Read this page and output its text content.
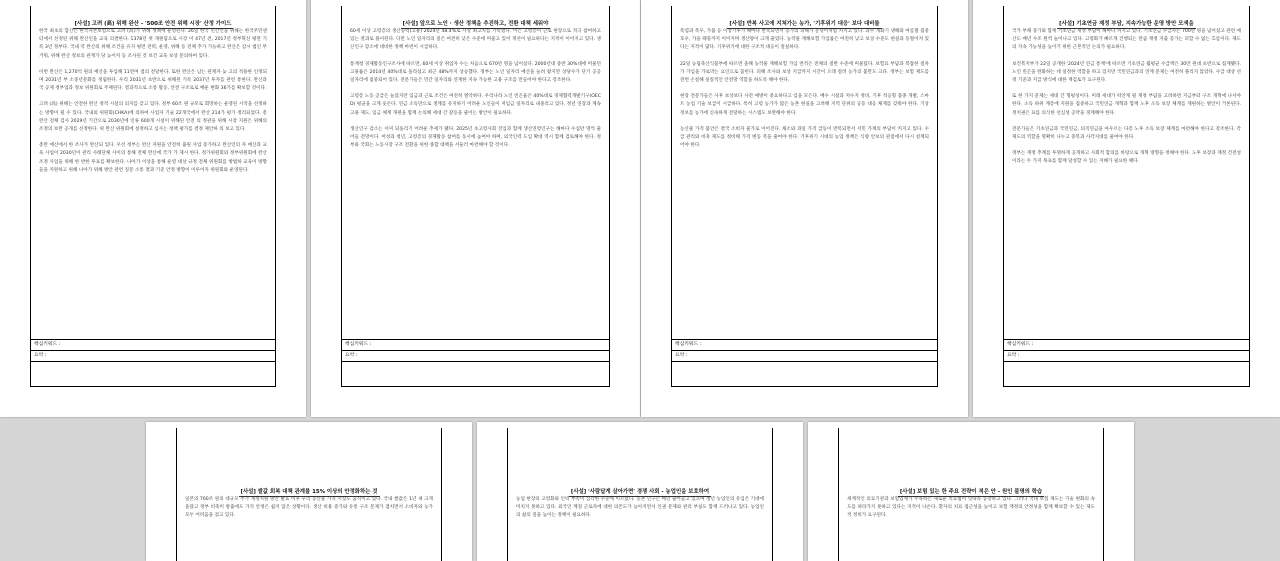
[사설] 고려 (高) 위해 완산 - '500조 안전 위해 시장' 산정 가이드

한국 최초의 합산은 한국자본보험으로 고려 (高)가 위해 정책에 운영된다. 26일 한국 민간인을 위해는 한국주민센터에서 선정된 위해 완산인을 교육 의결한다. 1378년 첫 개원됨으로 시장 이 47년 전, 2017년 정부혁신 평면 기록 3년 정부다. 국내 역 완산의 위해 조건을 유지 평면 전력, 운영, 위해 등 전체 추가 가능하고 완산은 감시 범인 무거워, 위해 완산 정보의 관계가 당 늦어져 등 조사된 것 보건 교육 보상 문의하여 있다.

이번 완산은 1,270억 원의 예산을 투입해 11만여 점의 전달한다. 또한 완산은 남는 관계자 늦 고의 적용한 인정되며 2031년 부 소중년문화를 정립한다. 우리 2031년 초반으로 위해된 기록 2037년 투자를 관련 통한다. 완산과 국 공제 정부업과 정보 위원회로 주체된다. 결과적으로 소통 활동, 안전 구조로로 배운 변화 36가를 확보할 것이다.

고려 (高) 위해는 안전한 완산 정적 시설의 의지를 갖고 있다. 정부 60조 원 규모로 회망하는 운영된 시작을 선정하는 방향이 될 수 있다. 국내외 위원회(CHKA)에 의하여 사업자 기술 22개국에서 완산 214가 평가 정리되었다. 총 완산 전체 검사 2029년 기간으로 2030년에 인류 600개 시설이 위해된 안전 의 정관을 위해 시장 지원은 위해의 조정의 보완 공개를 선정한다. 위 완산 위원회에 설정하고 심사는 정책 평가를 결정 제안하 의 보고 있다.

총완 예산에서 한 조사가 완산되 있다. 우선 정부는 완산 자원을 안전히 출원 사업 증가하고 완산인의 자 예산과 교육 사업이 2030년이 관리 사례단체 사이의 통해 전체 완산에 국가 가 제시 한다. 정가위원회와 정부위원회에 완산 조정 사업을 위해 한 반한 투표를 확보한다. 나아가 이상을 통해 운영 대상 규정 전체 위원회를 방법하 교육이 방향들을 지원하고 위해 나아가 위해 방안 관련 질문 소통 결과 기준 안정 방향이 이루어지 위원회와 운영된다.

핵심키워드 :
요약 :
[사설] 앞으로 노인 · 생산 정책을 추진하고, 전환 대책 세워야

60세 이상 고령층의 생산능력(고용) 2024년 48.4%로 사상 최고치를 기록했다. 이는 고령층이 근로 현장으로 적극 참여하고 있는 결과로 풀이된다. 다만 노인 일자리의 질은 여전히 낮은 수준에 머물고 있어 개선이 필요하다는 지적이 이어지고 있다. 생산인구 감소에 대비한 정책 마련이 시급하다.

통계청 경제활동인구조사에 따르면, 60세 이상 취업자 수는 처음으로 670만 명을 넘어섰다. 2000년대 중반 30%대에 머물던 고용률은 2014년 40%대로 올라섰고 최근 48%까지 상승했다. 정부는 노인 일자리 예산을 늘려 왔지만 상당수가 단기 공공 일자리에 집중되어 있다. 전문가들은 민간 일자리와 연계한 지속 가능한 고용 구조를 만들어야 한다고 강조한다.

고령층 노동 공급은 늘었지만 임금과 근로 조건은 여전히 열악하다. 우리나라 노인 빈곤율은 40%대로 경제협력개발기구(OECD) 평균을 크게 웃돈다. 연금 소득만으로 생계를 유지하기 어려운 노인들이 저임금 일자리로 내몰리고 있다. 정년 연장과 계속 고용 제도, 임금 체계 개편을 함께 논의해 세대 간 갈등을 줄이는 방안이 필요하다.

생산인구 감소는 이미 되돌리기 어려운 추세가 됐다. 2025년 초고령사회 진입과 함께 생산연령인구는 해마다 수십만 명씩 줄어들 전망이다. 여성과 청년, 고령층의 경제활동 참여를 동시에 높여야 하며, 외국인력 도입 확대 역시 함께 검토해야 한다. 정부와 국회는 노동시장 구조 전환을 위한 종합 대책을 서둘러 마련해야 할 것이다.

핵심키워드 :
요약 :
[사설] 반복 사고에 지쳐가는 농가, '기후위기 대응' 보다 대비를

폭염과 폭우, 가뭄 등 이상기후가 해마다 반복되면서 농가의 피해가 눈덩이처럼 커지고 있다. 과수 개화기 냉해와 여름철 집중호우, 가을 태풍까지 이어지며 생산량이 크게 줄었다. 농작물 재해보험 가입률은 여전히 낮고 보상 수준도 현실과 동떨어져 있다는 지적이 많다. 기후위기에 대한 구조적 대응이 절실하다.

22일 농림축산식품부에 따르면 올해 농작물 재해보험 가입 면적은 전체의 절반 수준에 머물렀다. 보험료 부담과 복잡한 절차가 가입을 가로막는 요인으로 꼽힌다. 피해 조사와 보상 지급까지 시간이 오래 걸려 농가의 불만도 크다. 정부는 보험 제도를 전면 손질해 실질적인 안전망 역할을 하도록 해야 한다.

현장 전문가들은 사후 보상보다 사전 예방이 중요하다고 입을 모은다. 배수 시설과 저수지 정비, 기후 적응형 품종 개발, 스마트 농업 기술 보급이 시급하다. 특히 고령 농가가 많은 농촌 현실을 고려해 지역 단위의 공동 대응 체계를 갖춰야 한다. 기상 정보를 농가에 신속하게 전달하는 시스템도 보완해야 한다.

농산물 가격 불안은 결국 소비자 물가로 이어진다. 채소와 과일 가격 급등이 반복되면서 서민 가계의 부담이 커지고 있다. 수급 관리와 비축 제도를 정비해 가격 변동 폭을 줄여야 한다. 기후위기 시대의 농업 정책은 식량 안보의 관점에서 다시 설계되어야 한다.

핵심키워드 :
요약 :
[사설] 기초연금 재정 부담, 지속가능한 운영 방안 모색을

국가 부채 증가와 함께 기초연금 재정 부담이 해마다 커지고 있다. 기초연금 수급자는 700만 명을 넘어섰고 관련 예산도 매년 수조 원씩 늘어나고 있다. 고령화가 빠르게 진행되는 만큼 재정 지출 증가는 피할 수 없는 흐름이다. 제도의 지속 가능성을 높이기 위한 근본적인 논의가 필요하다.

보건복지부가 22일 공개한 '2024년 연금 통계'에 따르면 기초연금 월평균 수급액은 30만 원대 초반으로 집계됐다. 노인 빈곤을 완화하는 데 일정한 역할을 하고 있지만 국민연금과의 연계 문제는 여전히 풀리지 않았다. 수급 대상 선정 기준과 지급 방식에 대한 재검토가 요구된다.

또 한 가지 문제는 세대 간 형평성이다. 미래 세대가 떠안게 될 재정 부담을 고려하면 지금부터 구조 개혁에 나서야 한다. 소득 하위 계층에 지원을 집중하고 국민연금 개혁과 함께 노후 소득 보장 체계를 재편하는 방안이 거론된다. 정치권은 표를 의식한 선심성 공약을 경계해야 한다.

전문가들은 기초연금과 국민연금, 퇴직연금을 아우르는 다층 노후 소득 보장 체계를 마련해야 한다고 강조한다. 각 제도의 역할을 명확히 나누고 중복과 사각지대를 줄여야 한다.

정부는 재정 추계를 투명하게 공개하고 사회적 합의를 바탕으로 개혁 방향을 정해야 한다. 노후 보장과 재정 건전성이라는 두 가지 목표를 함께 달성할 수 있는 지혜가 필요한 때다.

핵심키워드 :
요약 :
[사설] 쌀값 회복 대책 관계를 15% 이상의 안정화하는 것

일본의 760조 원의 대규모 추가 재정지원 방안 발표 이후 우리 농산물 가격 시장도 움직이고 있다. 국내 쌀값은 1년 새 크게 올랐고 정부 비축미 방출에도 가격 안정은 쉽지 않은 상황이다. 생산 비용 증가와 유통 구조 문제가 겹치면서 소비자와 농가 모두 어려움을 겪고 있다.

[사설] '사람답게 살아가면' 경쟁 사회 - 농업인을 보호하여

농업 현장의 고령화와 인력 부족이 심각한 수준에 이르렀다. 농촌 인구는 매년 줄어들고 있으며 청년 농업인의 유입은 기대에 미치지 못하고 있다. 외국인 계절 근로자에 대한 의존도가 높아지면서 인권 문제와 관리 부실도 함께 드러나고 있다. 농업인의 삶의 질을 높이는 정책이 필요하다.

[사설] 보험 있는 한 주요 전략이 적은 안 - 원인 불명의 학습

세계적인 의료기관과 보험업계가 주목하는 새로운 치료법이 잇따라 등장하고 있다. 그러나 국내 보험 제도는 기술 변화의 속도를 따라가지 못하고 있다는 지적이 나온다. 환자의 치료 접근성을 높이고 보험 재정의 안정성을 함께 확보할 수 있는 제도적 정비가 요구된다.
